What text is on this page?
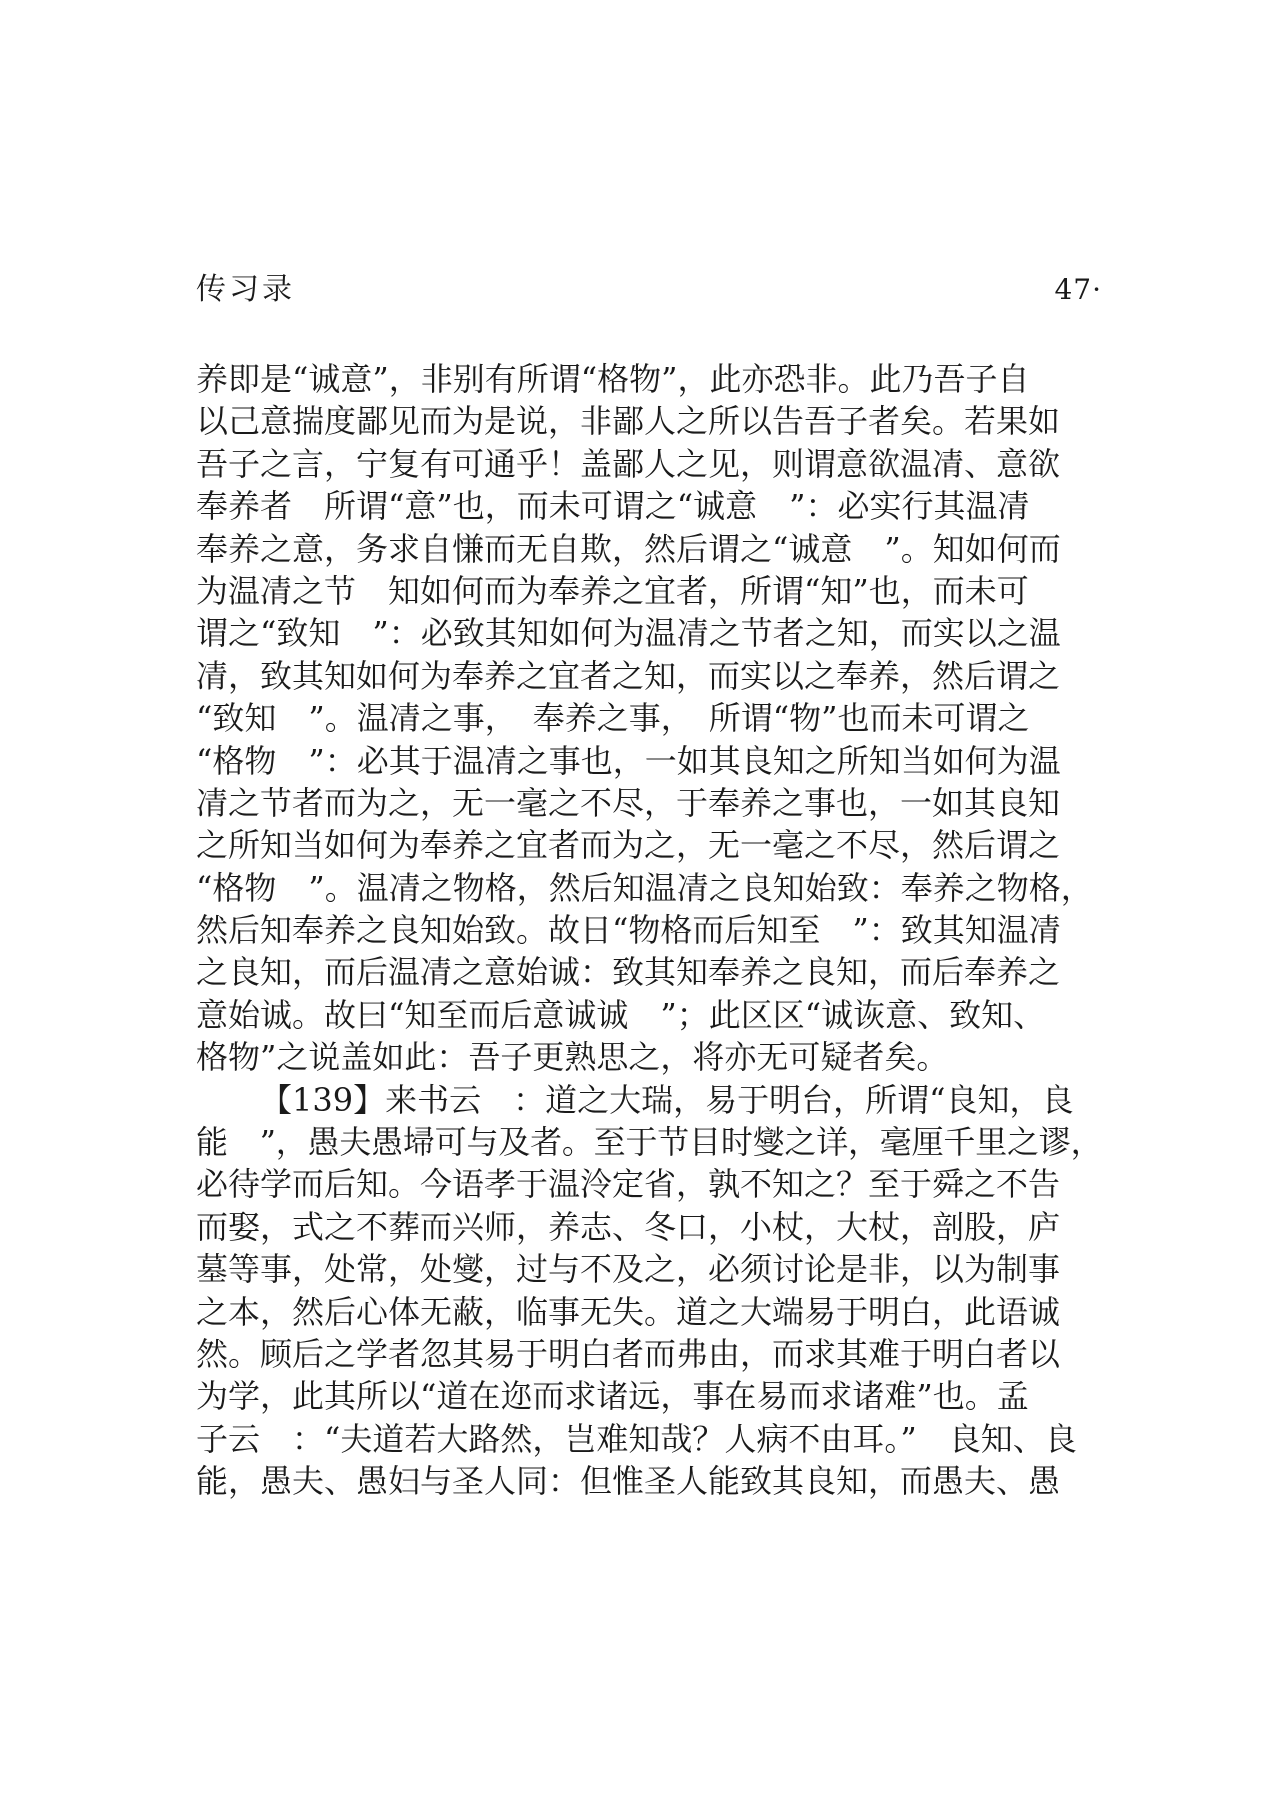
传习录	47·
养即是“诚意”，非别有所谓“格物”，此亦恐非。此乃吾子自
以己意揣度鄙见而为是说，非鄙人之所以告吾子者矣。若果如
吾子之言，宁复有可通乎！盖鄙人之见，则谓意欲温凊、意欲
奉养者　所谓“意”也，而未可谓之“诚意　”：必实行其温凊
奉养之意，务求自慊而无自欺，然后谓之“诚意　”。知如何而
为温凊之节　知如何而为奉养之宜者，所谓“知”也，而未可
谓之“致知　”：必致其知如何为温凊之节者之知，而实以之温
凊，致其知如何为奉养之宜者之知，而实以之奉养，然后谓之
“致知　”。温凊之事，　奉养之事，　所谓“物”也而未可谓之
“格物　”：必其于温凊之事也，一如其良知之所知当如何为温
凊之节者而为之，无一毫之不尽，于奉养之事也，一如其良知
之所知当如何为奉养之宜者而为之，无一毫之不尽，然后谓之
“格物　”。温凊之物格，然后知温凊之良知始致：奉养之物格，
然后知奉养之良知始致。故日“物格而后知至　”：致其知温凊
之良知，而后温凊之意始诚：致其知奉养之良知，而后奉养之
意始诚。故曰“知至而后意诚诚　”；此区区“诚诙意、致知、
格物”之说盖如此：吾子更熟思之，将亦无可疑者矣。
【139】来书云　：道之大瑞，易于明台，所谓“良知，良
能　”，愚夫愚埽可与及者。至于节目时燮之详，毫厘千里之谬，
必待学而后知。今语孝于温泠定省，孰不知之？至于舜之不告
而娶，式之不葬而兴师，养志、冬口，小杖，大杖，剖股，庐
墓等事，处常，处燮，过与不及之，必须讨论是非，以为制事
之本，然后心体无蔽，临事无失。道之大端易于明白，此语诚
然。顾后之学者忽其易于明白者而弗由，而求其难于明白者以
为学，此其所以“道在迩而求诸远，事在易而求诸难”也。孟
子云　：“夫道若大路然，岂难知哉？人病不由耳。”　良知、良
能，愚夫、愚妇与圣人同：但惟圣人能致其良知，而愚夫、愚
